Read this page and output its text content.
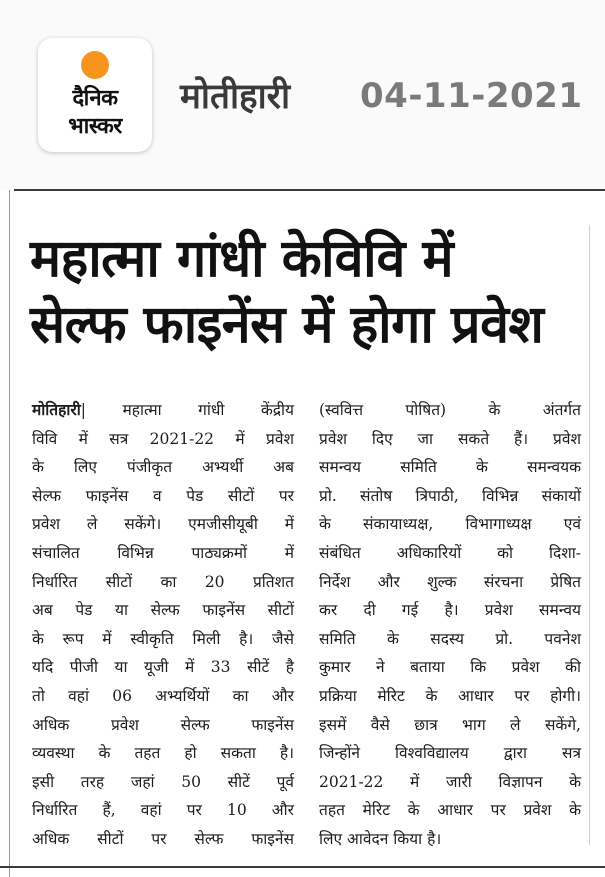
दैनिक
भास्कर
मोतीहारी 04-11-2021
महात्मा गांधी केविवि में
सेल्फ फाइनेंस में होगा प्रवेश
मोतिहारी| महात्मा गांधी केंद्रीय
विवि में सत्र 2021-22 में प्रवेश
के लिए पंजीकृत अभ्यर्थी अब
सेल्फ फाइनेंस व पेड सीटों पर
प्रवेश ले सकेंगे। एमजीसीयूबी में
संचालित विभिन्न पाठ्यक्रमों में
निर्धारित सीटों का 20 प्रतिशत
अब पेड या सेल्फ फाइनेंस सीटों
के रूप में स्वीकृति मिली है। जैसे
यदि पीजी या यूजी में 33 सीटें है
तो वहां 06 अभ्यर्थियों का और
अधिक प्रवेश सेल्फ फाइनेंस
व्यवस्था के तहत हो सकता है।
इसी तरह जहां 50 सीटें पूर्व
निर्धारित हैं, वहां पर 10 और
अधिक सीटों पर सेल्फ फाइनेंस
(स्ववित्त पोषित) के अंतर्गत
प्रवेश दिए जा सकते हैं। प्रवेश
समन्वय समिति के समन्वयक
प्रो. संतोष त्रिपाठी, विभिन्न संकायों
के संकायाध्यक्ष, विभागाध्यक्ष एवं
संबंधित अधिकारियों को दिशा-
निर्देश और शुल्क संरचना प्रेषित
कर दी गई है। प्रवेश समन्वय
समिति के सदस्य प्रो. पवनेश
कुमार ने बताया कि प्रवेश की
प्रक्रिया मेरिट के आधार पर होगी।
इसमें वैसे छात्र भाग ले सकेंगे,
जिन्होंने विश्वविद्यालय द्वारा सत्र
2021-22 में जारी विज्ञापन के
तहत मेरिट के आधार पर प्रवेश के
लिए आवेदन किया है।
